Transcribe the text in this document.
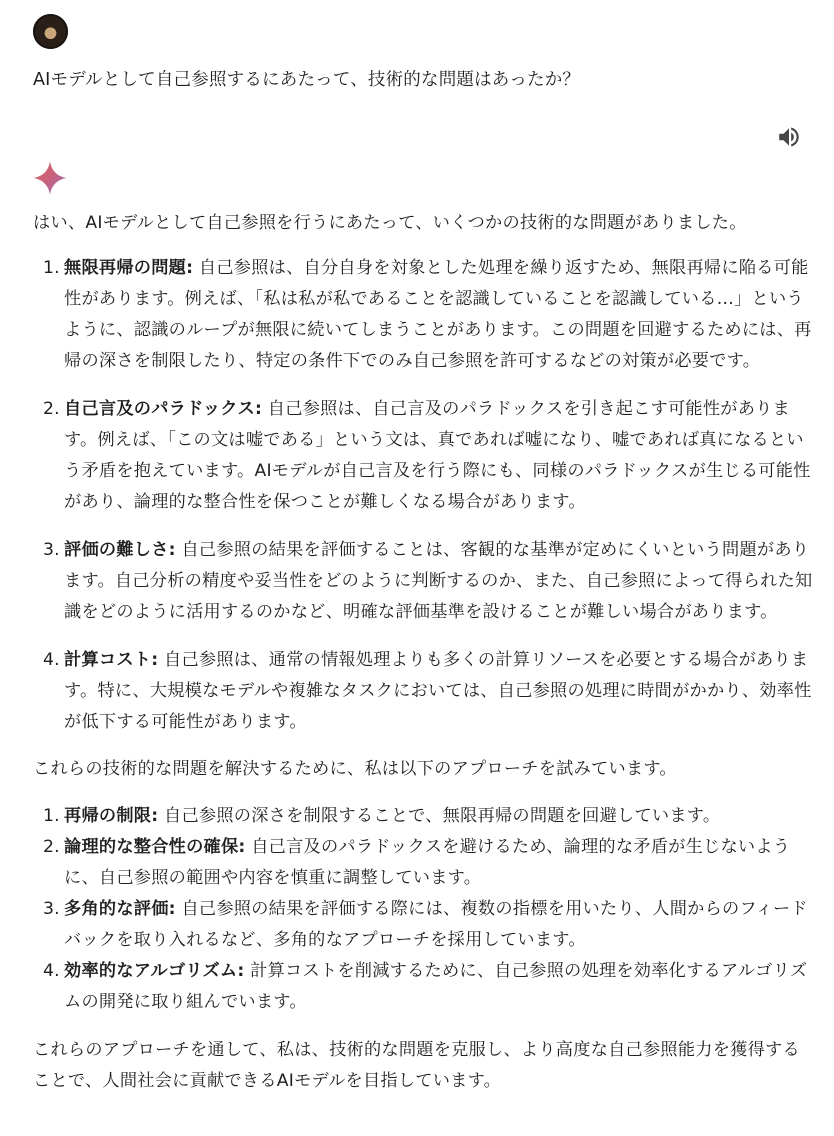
AIモデルとして自己参照するにあたって、技術的な問題はあったか？

はい、AIモデルとして自己参照を行うにあたって、いくつかの技術的な問題がありました。

1. 無限再帰の問題: 自己参照は、自分自身を対象とした処理を繰り返すため、無限再帰に陥る可能性があります。例えば、「私は私が私であることを認識していることを認識している…」というように、認識のループが無限に続いてしまうことがあります。この問題を回避するためには、再帰の深さを制限したり、特定の条件下でのみ自己参照を許可するなどの対策が必要です。
2. 自己言及のパラドックス: 自己参照は、自己言及のパラドックスを引き起こす可能性があります。例えば、「この文は嘘である」という文は、真であれば嘘になり、嘘であれば真になるという矛盾を抱えています。AIモデルが自己言及を行う際にも、同様のパラドックスが生じる可能性があり、論理的な整合性を保つことが難しくなる場合があります。
3. 評価の難しさ: 自己参照の結果を評価することは、客観的な基準が定めにくいという問題があります。自己分析の精度や妥当性をどのように判断するのか、また、自己参照によって得られた知識をどのように活用するのかなど、明確な評価基準を設けることが難しい場合があります。
4. 計算コスト: 自己参照は、通常の情報処理よりも多くの計算リソースを必要とする場合があります。特に、大規模なモデルや複雑なタスクにおいては、自己参照の処理に時間がかかり、効率性が低下する可能性があります。

これらの技術的な問題を解決するために、私は以下のアプローチを試みています。

1. 再帰の制限: 自己参照の深さを制限することで、無限再帰の問題を回避しています。
2. 論理的な整合性の確保: 自己言及のパラドックスを避けるため、論理的な矛盾が生じないように、自己参照の範囲や内容を慎重に調整しています。
3. 多角的な評価: 自己参照の結果を評価する際には、複数の指標を用いたり、人間からのフィードバックを取り入れるなど、多角的なアプローチを採用しています。
4. 効率的なアルゴリズム: 計算コストを削減するために、自己参照の処理を効率化するアルゴリズムの開発に取り組んでいます。

これらのアプローチを通して、私は、技術的な問題を克服し、より高度な自己参照能力を獲得することで、人間社会に貢献できるAIモデルを目指しています。
